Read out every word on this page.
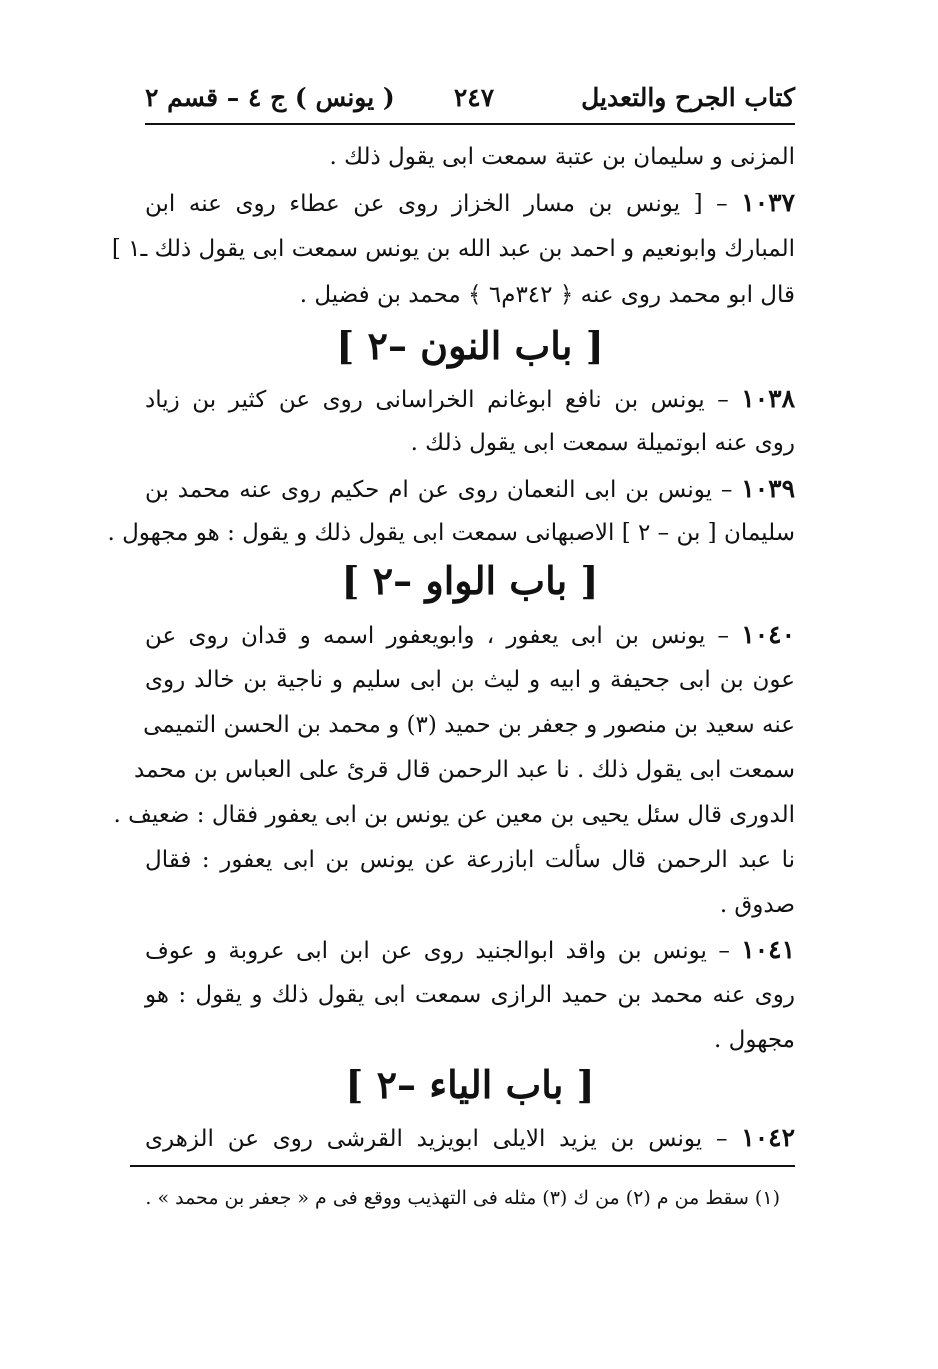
كتاب الجرح والتعديل
٢٤٧
( يونس ) ج ٤ – قسم ٢
المزنى و سليمان بن عتبة سمعت ابى يقول ذلك .
١٠٣٧ – [ يونس بن مسار الخزاز روى عن عطاء روى عنه ابن
المبارك وابونعيم و احمد بن عبد الله بن يونس سمعت ابى يقول ذلك ـ١ ]
قال ابو محمد روى عنه ﴿ ٣٤٢م٦ ﴾ محمد بن فضيل .
[ باب النون –٢ ]
١٠٣٨ – يونس بن نافع ابوغانم الخراسانى روى عن كثير بن زياد
روى عنه ابوتميلة سمعت ابى يقول ذلك .
١٠٣٩ – يونس بن ابى النعمان روى عن ام حكيم روى عنه محمد بن
سليمان [ بن – ٢ ] الاصبهانى سمعت ابى يقول ذلك و يقول : هو مجهول .
[ باب الواو –٢ ]
١٠٤٠ – يونس بن ابى يعفور ، وابويعفور اسمه و قدان روى عن
عون بن ابى جحيفة و ابيه و ليث بن ابى سليم و ناجية بن خالد روى
عنه سعيد بن منصور و جعفر بن حميد (٣) و محمد بن الحسن التميمى
سمعت ابى يقول ذلك . نا عبد الرحمن قال قرئ على العباس بن محمد
الدورى قال سئل يحيى بن معين عن يونس بن ابى يعفور فقال : ضعيف .
نا عبد الرحمن قال سألت ابازرعة عن يونس بن ابى يعفور : فقال
صدوق .
١٠٤١ – يونس بن واقد ابوالجنيد روى عن ابن ابى عروبة و عوف
روى عنه محمد بن حميد الرازى سمعت ابى يقول ذلك و يقول : هو
مجهول .
[ باب الياء –٢ ]
١٠٤٢ – يونس بن يزيد الايلى ابويزيد القرشى روى عن الزهرى
(١) سقط من م (٢) من ك (٣) مثله فى التهذيب ووقع فى م « جعفر بن محمد » .
